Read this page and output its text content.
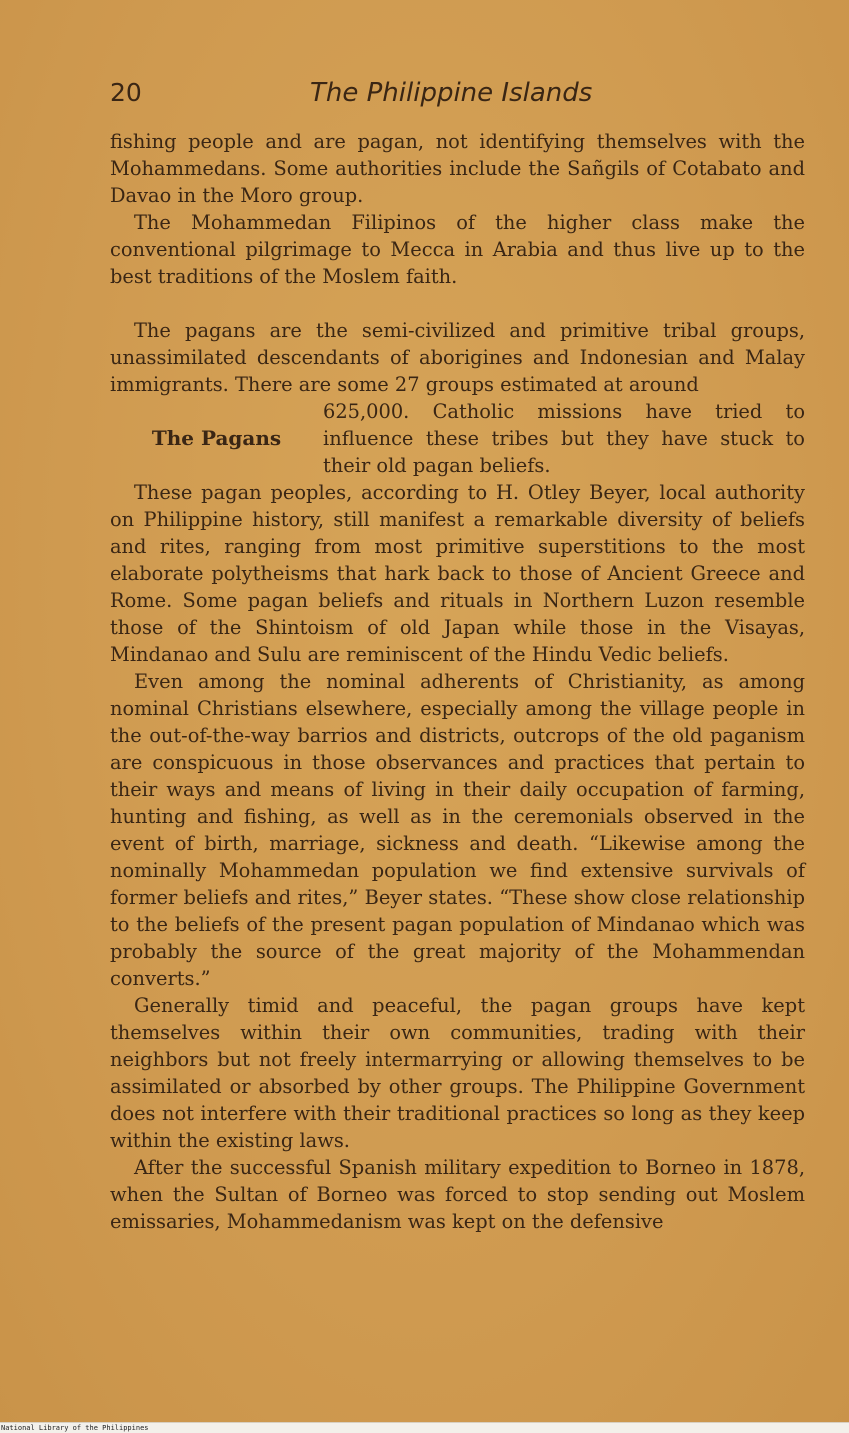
20	The Philippine Islands

fishing people and are pagan, not identifying themselves with the Mohammedans. Some authorities include the Sañgils of Cotabato and Davao in the Moro group.

The Mohammedan Filipinos of the higher class make the conventional pilgrimage to Mecca in Arabia and thus live up to the best traditions of the Moslem faith.

The pagans are the semi-civilized and primitive tribal groups, unassimilated descendants of aborigines and Indonesian and Malay immigrants. There are some 27 groups estimated at around

The Pagans
625,000. Catholic missions have tried to influence these tribes but they have stuck to their old pagan beliefs.

These pagan peoples, according to H. Otley Beyer, local authority on Philippine history, still manifest a remarkable diversity of beliefs and rites, ranging from most primitive superstitions to the most elaborate polytheisms that hark back to those of Ancient Greece and Rome. Some pagan beliefs and rituals in Northern Luzon resemble those of the Shintoism of old Japan while those in the Visayas, Mindanao and Sulu are reminiscent of the Hindu Vedic beliefs.

Even among the nominal adherents of Christianity, as among nominal Christians elsewhere, especially among the village people in the out-of-the-way barrios and districts, outcrops of the old paganism are conspicuous in those observances and practices that pertain to their ways and means of living in their daily occupation of farming, hunting and fishing, as well as in the ceremonials observed in the event of birth, marriage, sickness and death. “Likewise among the nominally Mohammedan population we find extensive survivals of former beliefs and rites,” Beyer states. “These show close relationship to the beliefs of the present pagan population of Mindanao which was probably the source of the great majority of the Mohammendan converts.”

Generally timid and peaceful, the pagan groups have kept themselves within their own communities, trading with their neighbors but not freely intermarrying or allowing themselves to be assimilated or absorbed by other groups. The Philippine Government does not interfere with their traditional practices so long as they keep within the existing laws.

After the successful Spanish military expedition to Borneo in 1878, when the Sultan of Borneo was forced to stop sending out Moslem emissaries, Mohammedanism was kept on the defensive

National Library of the Philippines
